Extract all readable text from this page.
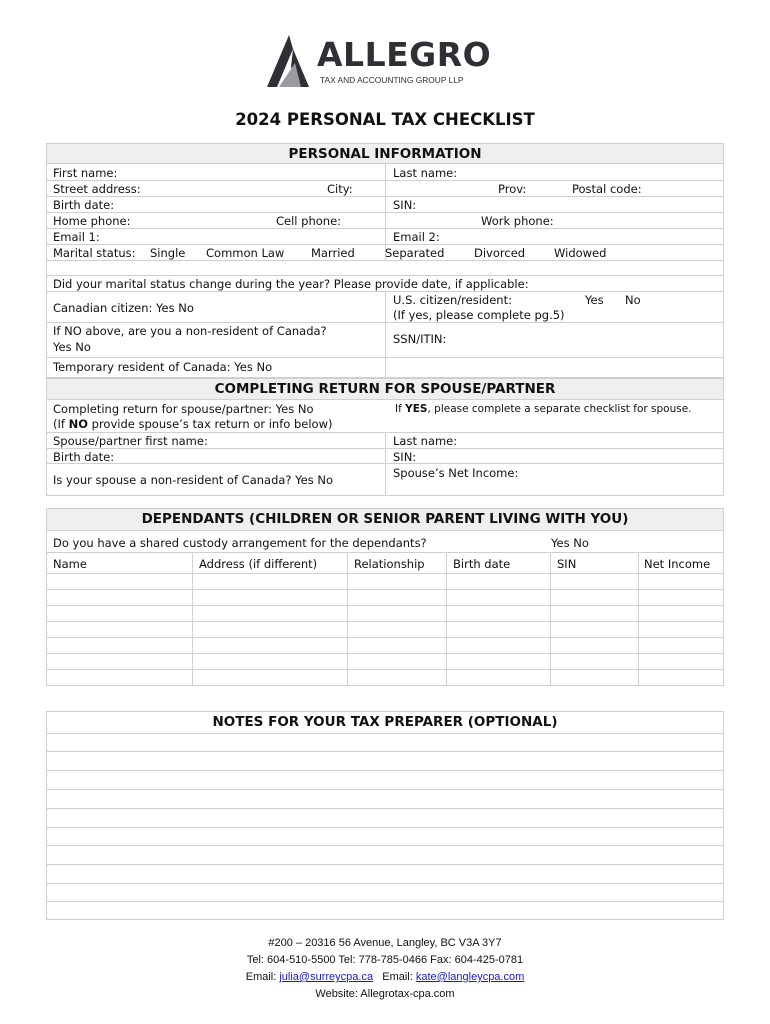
ALLEGRO
TAX AND ACCOUNTING GROUP LLP
2024 PERSONAL TAX CHECKLIST
PERSONAL INFORMATION
First name:	Last name:
Street address:	City:	Prov:	Postal code:
Birth date:	SIN:
Home phone:	Cell phone:	Work phone:
Email 1:	Email 2:
Marital status: Single Common Law Married	Separated	Divorced	Widowed
Did your marital status change during the year? Please provide date, if applicable:
Canadian citizen: Yes No
U.S. citizen/resident:	Yes No
(If yes, please complete pg.5)
If NO above, are you a non-resident of Canada?
Yes No
SSN/ITIN:
Temporary resident of Canada: Yes No
COMPLETING RETURN FOR SPOUSE/PARTNER
Completing return for spouse/partner: Yes No	If YES, please complete a separate checklist for spouse.
(If NO provide spouse’s tax return or info below)
Spouse/partner first name:	Last name:
Birth date:	SIN:
Is your spouse a non-resident of Canada? Yes No	Spouse’s Net Income:
DEPENDANTS (CHILDREN OR SENIOR PARENT LIVING WITH YOU)
Do you have a shared custody arrangement for the dependants?	Yes No
Name	Address (if different)	Relationship Birth date	SIN	Net Income
NOTES FOR YOUR TAX PREPARER (OPTIONAL)
#200 – 20316 56 Avenue, Langley, BC V3A 3Y7
Tel: 604-510-5500 Tel: 778-785-0466 Fax: 604-425-0781
Email: julia@surreycpa.ca   Email: kate@langleycpa.com
Website: Allegrotax-cpa.com
